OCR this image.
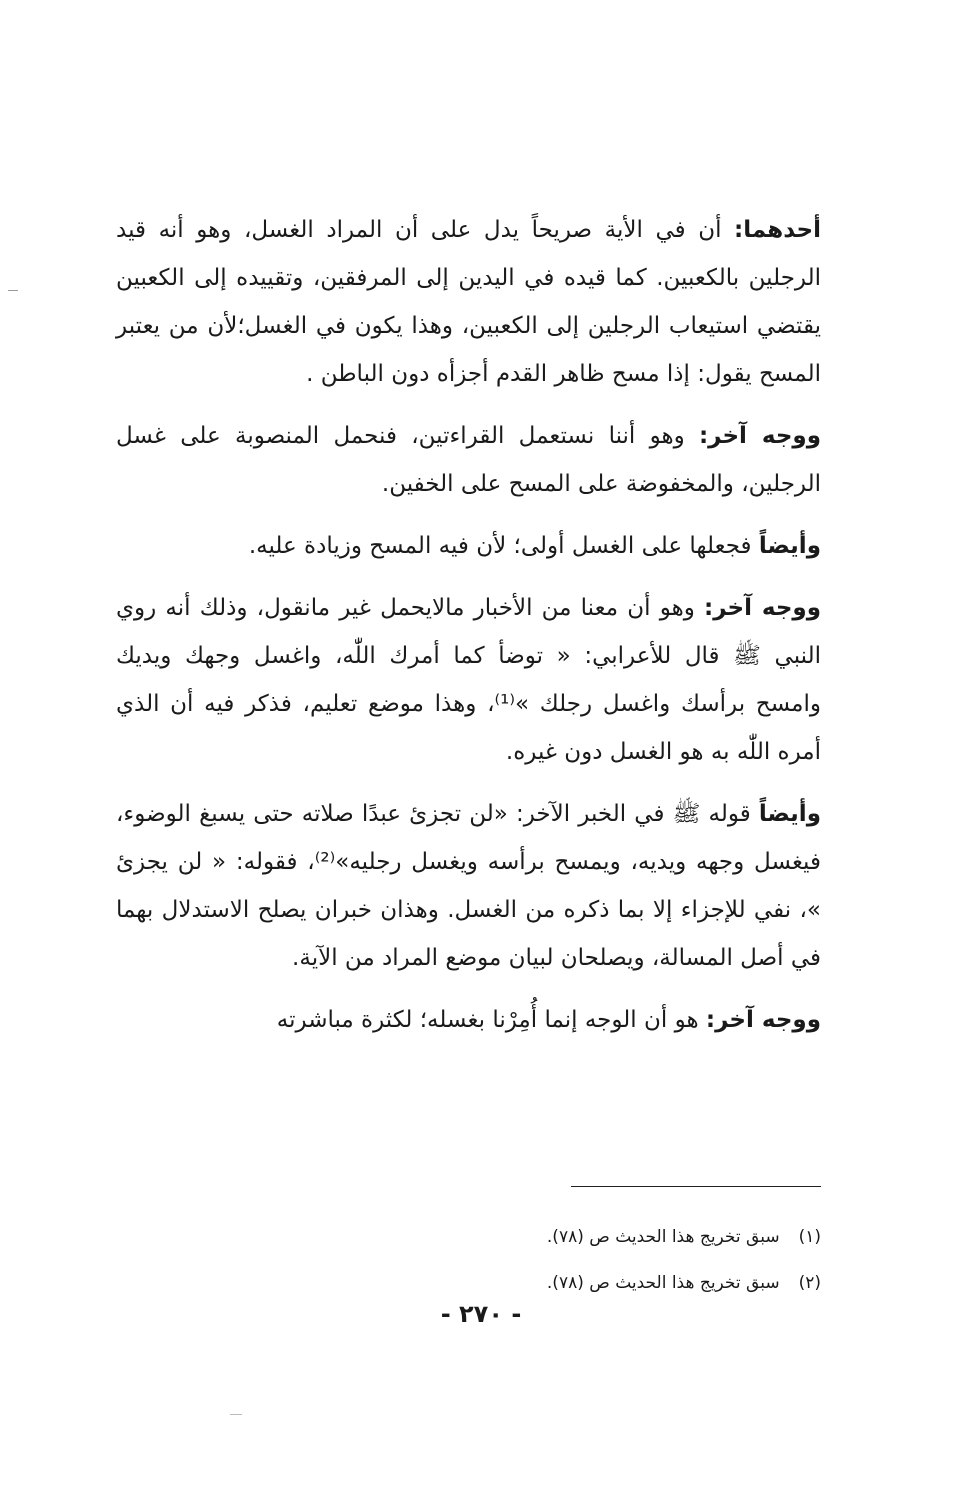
أحدهما: أن في الأية صريحاً يدل على أن المراد الغسل، وهو أنه قيد الرجلين بالكعبين. كما قيده في اليدين إلى المرفقين، وتقييده إلى الكعبين يقتضي استيعاب الرجلين إلى الكعبين، وهذا يكون في الغسل؛لأن من يعتبر المسح يقول: إذا مسح ظاهر القدم أجزأه دون الباطن .

ووجه آخر: وهو أننا نستعمل القراءتين، فنحمل المنصوبة على غسل الرجلين، والمخفوضة على المسح على الخفين.

وأيضاً فجعلها على الغسل أولى؛ لأن فيه المسح وزيادة عليه.

ووجه آخر: وهو أن معنا من الأخبار مالايحمل غير مانقول، وذلك أنه روي النبي ﷺ قال للأعرابي: « توضأ كما أمرك اللّٰه، واغسل وجهك ويديك وامسح برأسك واغسل رجلك »⁽¹⁾، وهذا موضع تعليم، فذكر فيه أن الذي أمره اللّٰه به هو الغسل دون غيره.

وأيضاً قوله ﷺ في الخبر الآخر: «لن تجزئ عبدًا صلاته حتى يسبغ الوضوء، فيغسل وجهه ويديه، ويمسح برأسه ويغسل رجليه»⁽²⁾، فقوله: « لن يجزئ »، نفي للإجزاء إلا بما ذكره من الغسل. وهذان خبران يصلح الاستدلال بهما في أصل المسالة، ويصلحان لبيان موضع المراد من الآية.

ووجه آخر: هو أن الوجه إنما أُمِرْنا بغسله؛ لكثرة مباشرته

(١) سبق تخريج هذا الحديث ص (٧٨).
(٢) سبق تخريج هذا الحديث ص (٧٨).
- ٢٧٠ -
